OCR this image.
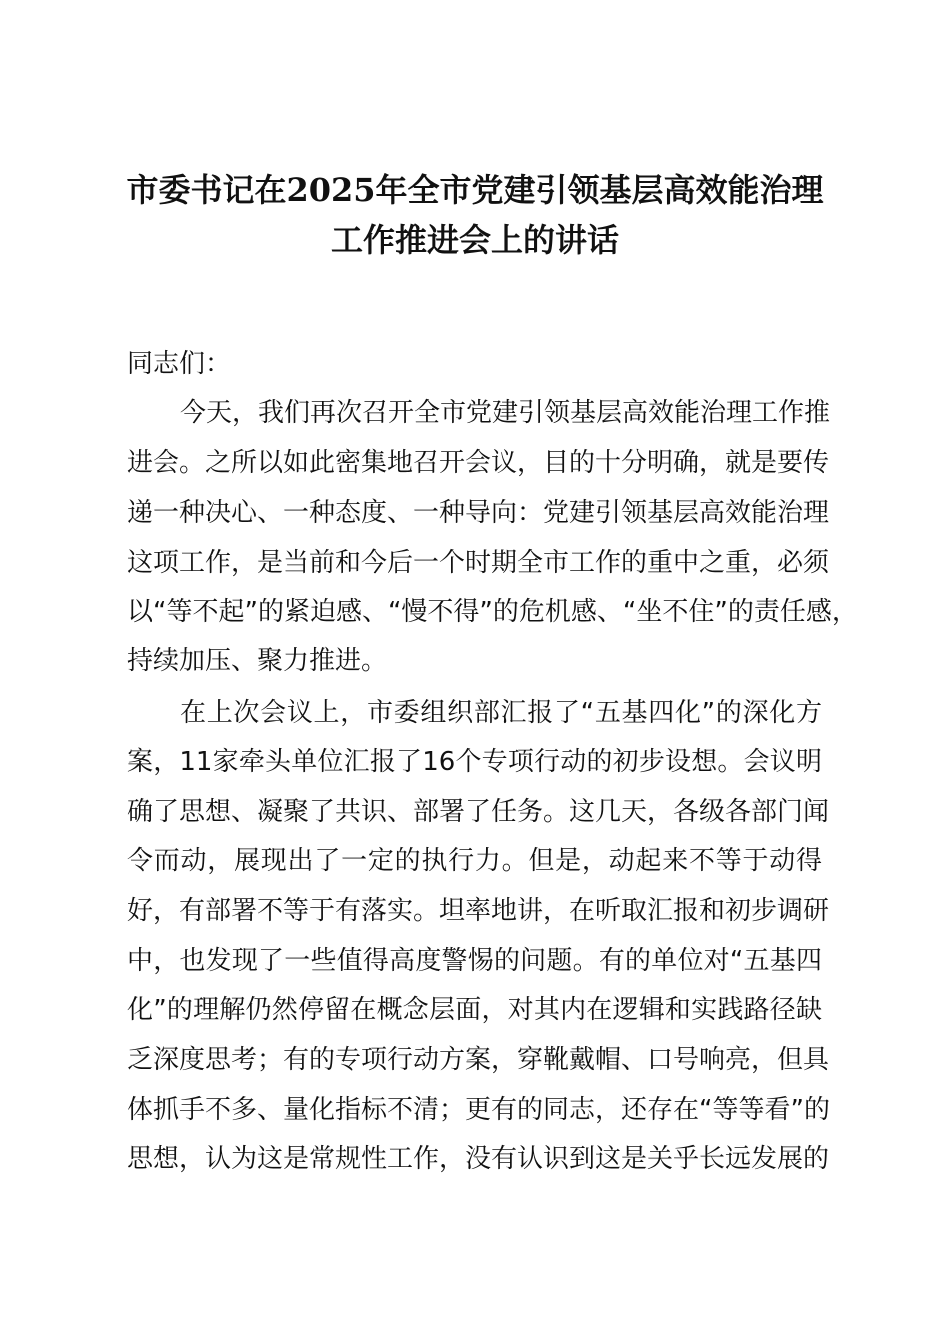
市委书记在2025年全市党建引领基层高效能治理
工作推进会上的讲话
同志们：
今天，我们再次召开全市党建引领基层高效能治理工作推
进会。之所以如此密集地召开会议，目的十分明确，就是要传
递一种决心、一种态度、一种导向：党建引领基层高效能治理
这项工作，是当前和今后一个时期全市工作的重中之重，必须
以“等不起”的紧迫感、“慢不得”的危机感、“坐不住”的责任感，
持续加压、聚力推进。
在上次会议上，市委组织部汇报了“五基四化”的深化方
案，11家牵头单位汇报了16个专项行动的初步设想。会议明
确了思想、凝聚了共识、部署了任务。这几天，各级各部门闻
令而动，展现出了一定的执行力。但是，动起来不等于动得
好，有部署不等于有落实。坦率地讲，在听取汇报和初步调研
中，也发现了一些值得高度警惕的问题。有的单位对“五基四
化”的理解仍然停留在概念层面，对其内在逻辑和实践路径缺
乏深度思考；有的专项行动方案，穿靴戴帽、口号响亮，但具
体抓手不多、量化指标不清；更有的同志，还存在“等等看”的
思想，认为这是常规性工作，没有认识到这是关乎长远发展的
